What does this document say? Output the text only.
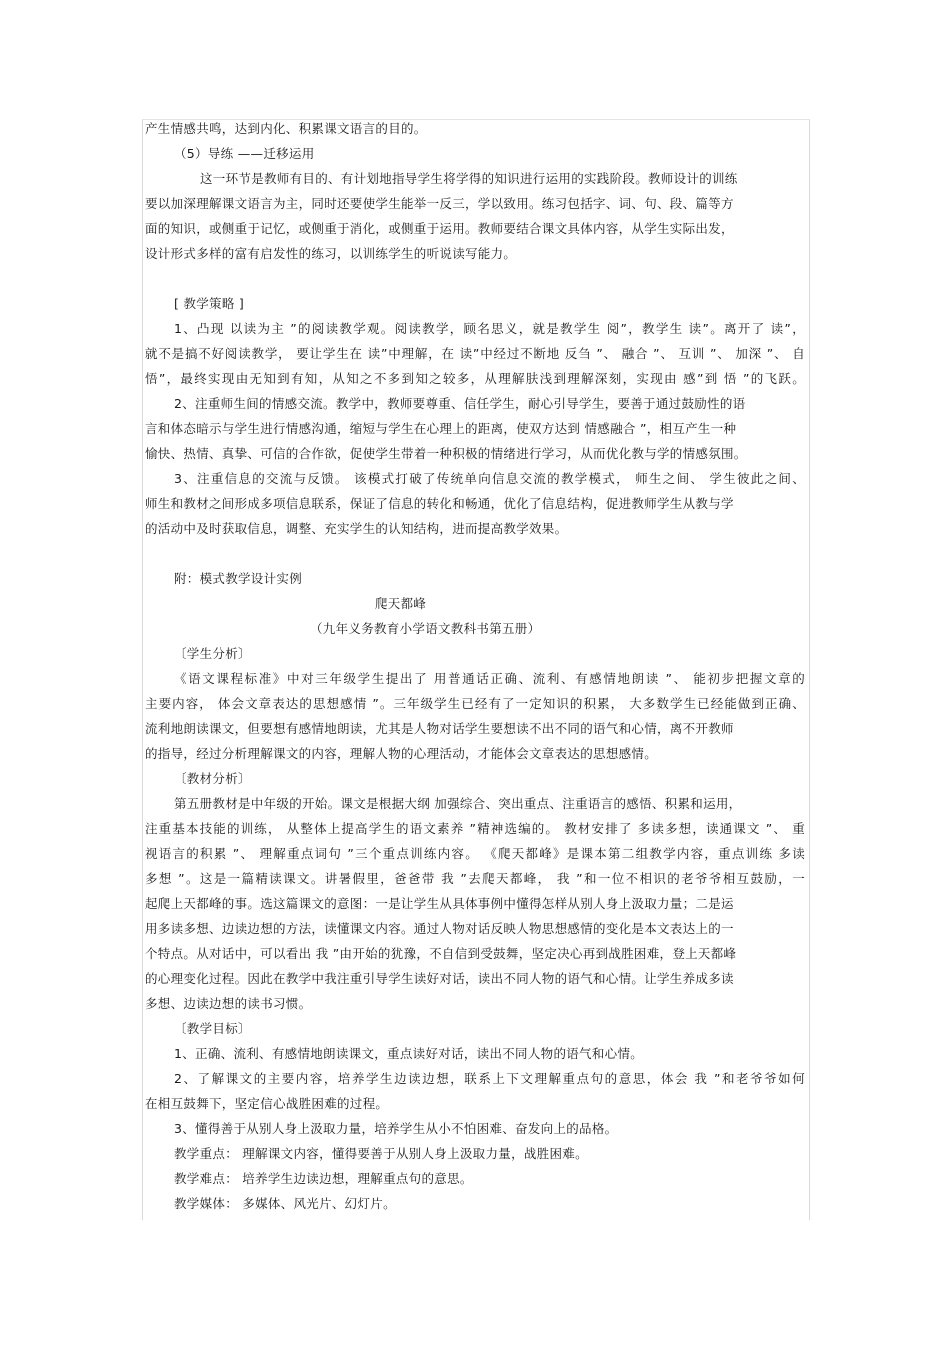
产生情感共鸣，达到内化、积累课文语言的目的。
（5）导练 ——迁移运用
这一环节是教师有目的、有计划地指导学生将学得的知识进行运用的实践阶段。教师设计的训练
要以加深理解课文语言为主，同时还要使学生能举一反三，学以致用。练习包括字、词、句、段、篇等方
面的知识，或侧重于记忆，或侧重于消化，或侧重于运用。教师要结合课文具体内容，从学生实际出发，
设计形式多样的富有启发性的练习，以训练学生的听说读写能力。
[ 教学策略 ]
1、凸现 以读为主 ”的阅读教学观。阅读教学，顾名思义，就是教学生 阅”，教学生 读”。离开了 读”，
就不是搞不好阅读教学， 要让学生在 读”中理解，在 读”中经过不断地 反刍 ”、 融合 ”、 互训 ”、 加深 ”、 自
悟”，最终实现由无知到有知，从知之不多到知之较多，从理解肤浅到理解深刻，实现由 感”到 悟 ”的飞跃。
2、注重师生间的情感交流。教学中，教师要尊重、信任学生，耐心引导学生，要善于通过鼓励性的语
言和体态暗示与学生进行情感沟通，缩短与学生在心理上的距离，使双方达到 情感融合 ”，相互产生一种
愉快、热情、真挚、可信的合作欲，促使学生带着一种积极的情绪进行学习，从而优化教与学的情感氛围。
3、注重信息的交流与反馈。 该模式打破了传统单向信息交流的教学模式， 师生之间、 学生彼此之间、
师生和教材之间形成多项信息联系，保证了信息的转化和畅通，优化了信息结构，促进教师学生从教与学
的活动中及时获取信息，调整、充实学生的认知结构，进而提高教学效果。
附：模式教学设计实例
爬天都峰
（九年义务教育小学语文教科书第五册）
〔学生分析〕
《语文课程标准》中对三年级学生提出了 用普通话正确、流利、有感情地朗读 ”、 能初步把握文章的
主要内容， 体会文章表达的思想感情 ”。三年级学生已经有了一定知识的积累， 大多数学生已经能做到正确、
流利地朗读课文，但要想有感情地朗读，尤其是人物对话学生要想读不出不同的语气和心情，离不开教师
的指导，经过分析理解课文的内容，理解人物的心理活动，才能体会文章表达的思想感情。
〔教材分析〕
第五册教材是中年级的开始。课文是根据大纲 加强综合、突出重点、注重语言的感悟、积累和运用，
注重基本技能的训练， 从整体上提高学生的语文素养 ”精神选编的。 教材安排了 多读多想，读通课文 ”、 重
视语言的积累 ”、 理解重点词句 ”三个重点训练内容。 《爬天都峰》是课本第二组教学内容，重点训练 多读
多想 ”。这是一篇精读课文。讲暑假里，爸爸带 我 ”去爬天都峰， 我 ”和一位不相识的老爷爷相互鼓励，一
起爬上天都峰的事。选这篇课文的意图：一是让学生从具体事例中懂得怎样从别人身上汲取力量；二是运
用多读多想、边读边想的方法，读懂课文内容。通过人物对话反映人物思想感情的变化是本文表达上的一
个特点。从对话中，可以看出 我 ”由开始的犹豫，不自信到受鼓舞，坚定决心再到战胜困难，登上天都峰
的心理变化过程。因此在教学中我注重引导学生读好对话，读出不同人物的语气和心情。让学生养成多读
多想、边读边想的读书习惯。
〔教学目标〕
1、正确、流利、有感情地朗读课文，重点读好对话，读出不同人物的语气和心情。
2、了解课文的主要内容，培养学生边读边想，联系上下文理解重点句的意思，体会 我 ”和老爷爷如何
在相互鼓舞下，坚定信心战胜困难的过程。
3、懂得善于从别人身上汲取力量，培养学生从小不怕困难、奋发向上的品格。
教学重点： 理解课文内容，懂得要善于从别人身上汲取力量，战胜困难。
教学难点： 培养学生边读边想，理解重点句的意思。
教学媒体： 多媒体、风光片、幻灯片。
